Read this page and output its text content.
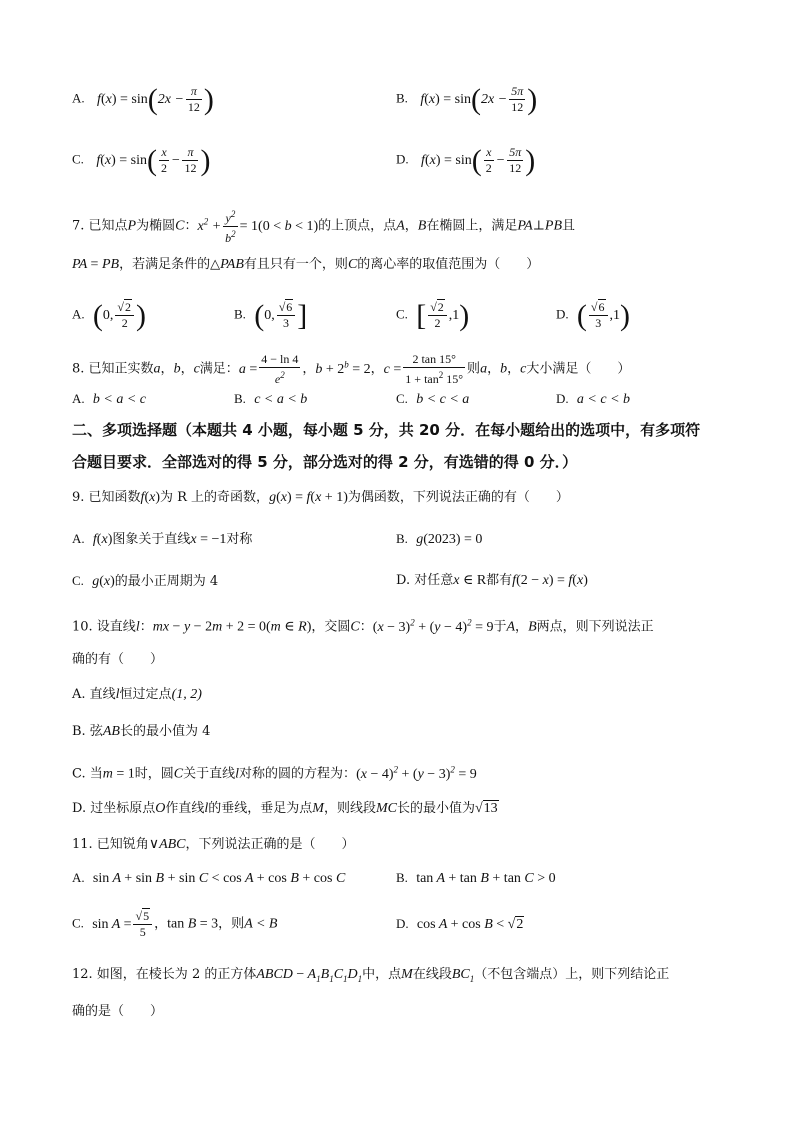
A. $f(x) = \sin(2x - \frac{\pi}{12}$ )	B. $f(x) = \sin(2x - \frac{5\pi}{12}$ )
C. $f(x) = \sin( \frac{x}{2} - \frac{\pi}{12}$ )	D. $f(x) = \sin( \frac{x}{2} - \frac{5\pi}{12}$ )
7. 已知点P为椭圆C：$x^2 + \frac{y^2}{b^2} = 1(0 < b < 1)$的上顶点，点A，B在椭圆上，满足PA⊥PB且
PA = PB，若满足条件的△PAB有且只有一个，则C的离心率的取值范围为（　　）
A. (0, $\frac{√2}{2}$ )	B. (0, $\frac{√6}{3}$ ]	C. [ $\frac{√2}{2} ,1$)	D. ( $\frac{√6}{3} ,1$)
8. 已知正实数a，b，c满足：$a = \frac{4 - \ln 4}{e^2}$ ，$b + 2^b = 2$，$c = \frac{2 \tan 15^\circ}{1 + \tan^2 15^\circ}$ 则a，b，c大小满足（　　）
A. b < a < c	B. c < a < b	C. b < c < a	D. a < c < b
二、多项选择题（本题共 4 小题，每小题 5 分，共 20 分．在每小题给出的选项中，有多项符
合题目要求．全部选对的得 5 分，部分选对的得 2 分，有选错的得 0 分．）
9. 已知函数f(x)为 R 上的奇函数，g(x) = f(x + 1)为偶函数，下列说法正确的有（　　）
A. f(x)图象关于直线x = −1对称	B. g(2023) = 0
C. g(x)的最小正周期为 4	D. 对任意x ∈ R都有f(2 − x) = f(x)
10. 设直线l：mx − y − 2m + 2 = 0(m ∈ R)，交圆C：$(x - 3)^2 + (y - 4)^2 = 9$于A，B两点，则下列说法正
确的有（　　）
A. 直线l恒过定点(1, 2)
B. 弦AB长的最小值为 4
C. 当m = 1时，圆C关于直线l对称的圆的方程为：$(x - 4)^2 + (y - 3)^2 = 9$
D. 过坐标原点O作直线l的垂线，垂足为点M，则线段MC长的最小值为√13
11. 已知锐角∨ABC，下列说法正确的是（　　）
A. sin A + sin B + sin C < cos A + cos B + cos C	B. tan A + tan B + tan C > 0
C. $\sin A = \frac{√5}{5}$ ，tan B = 3，则A < B	D. cos A + cos B < √2
12. 如图，在棱长为 2 的正方体ABCD − $A_1B_1C_1D_1$中，点M在线段$BC_1$（不包含端点）上，则下列结论正
确的是（　　）
